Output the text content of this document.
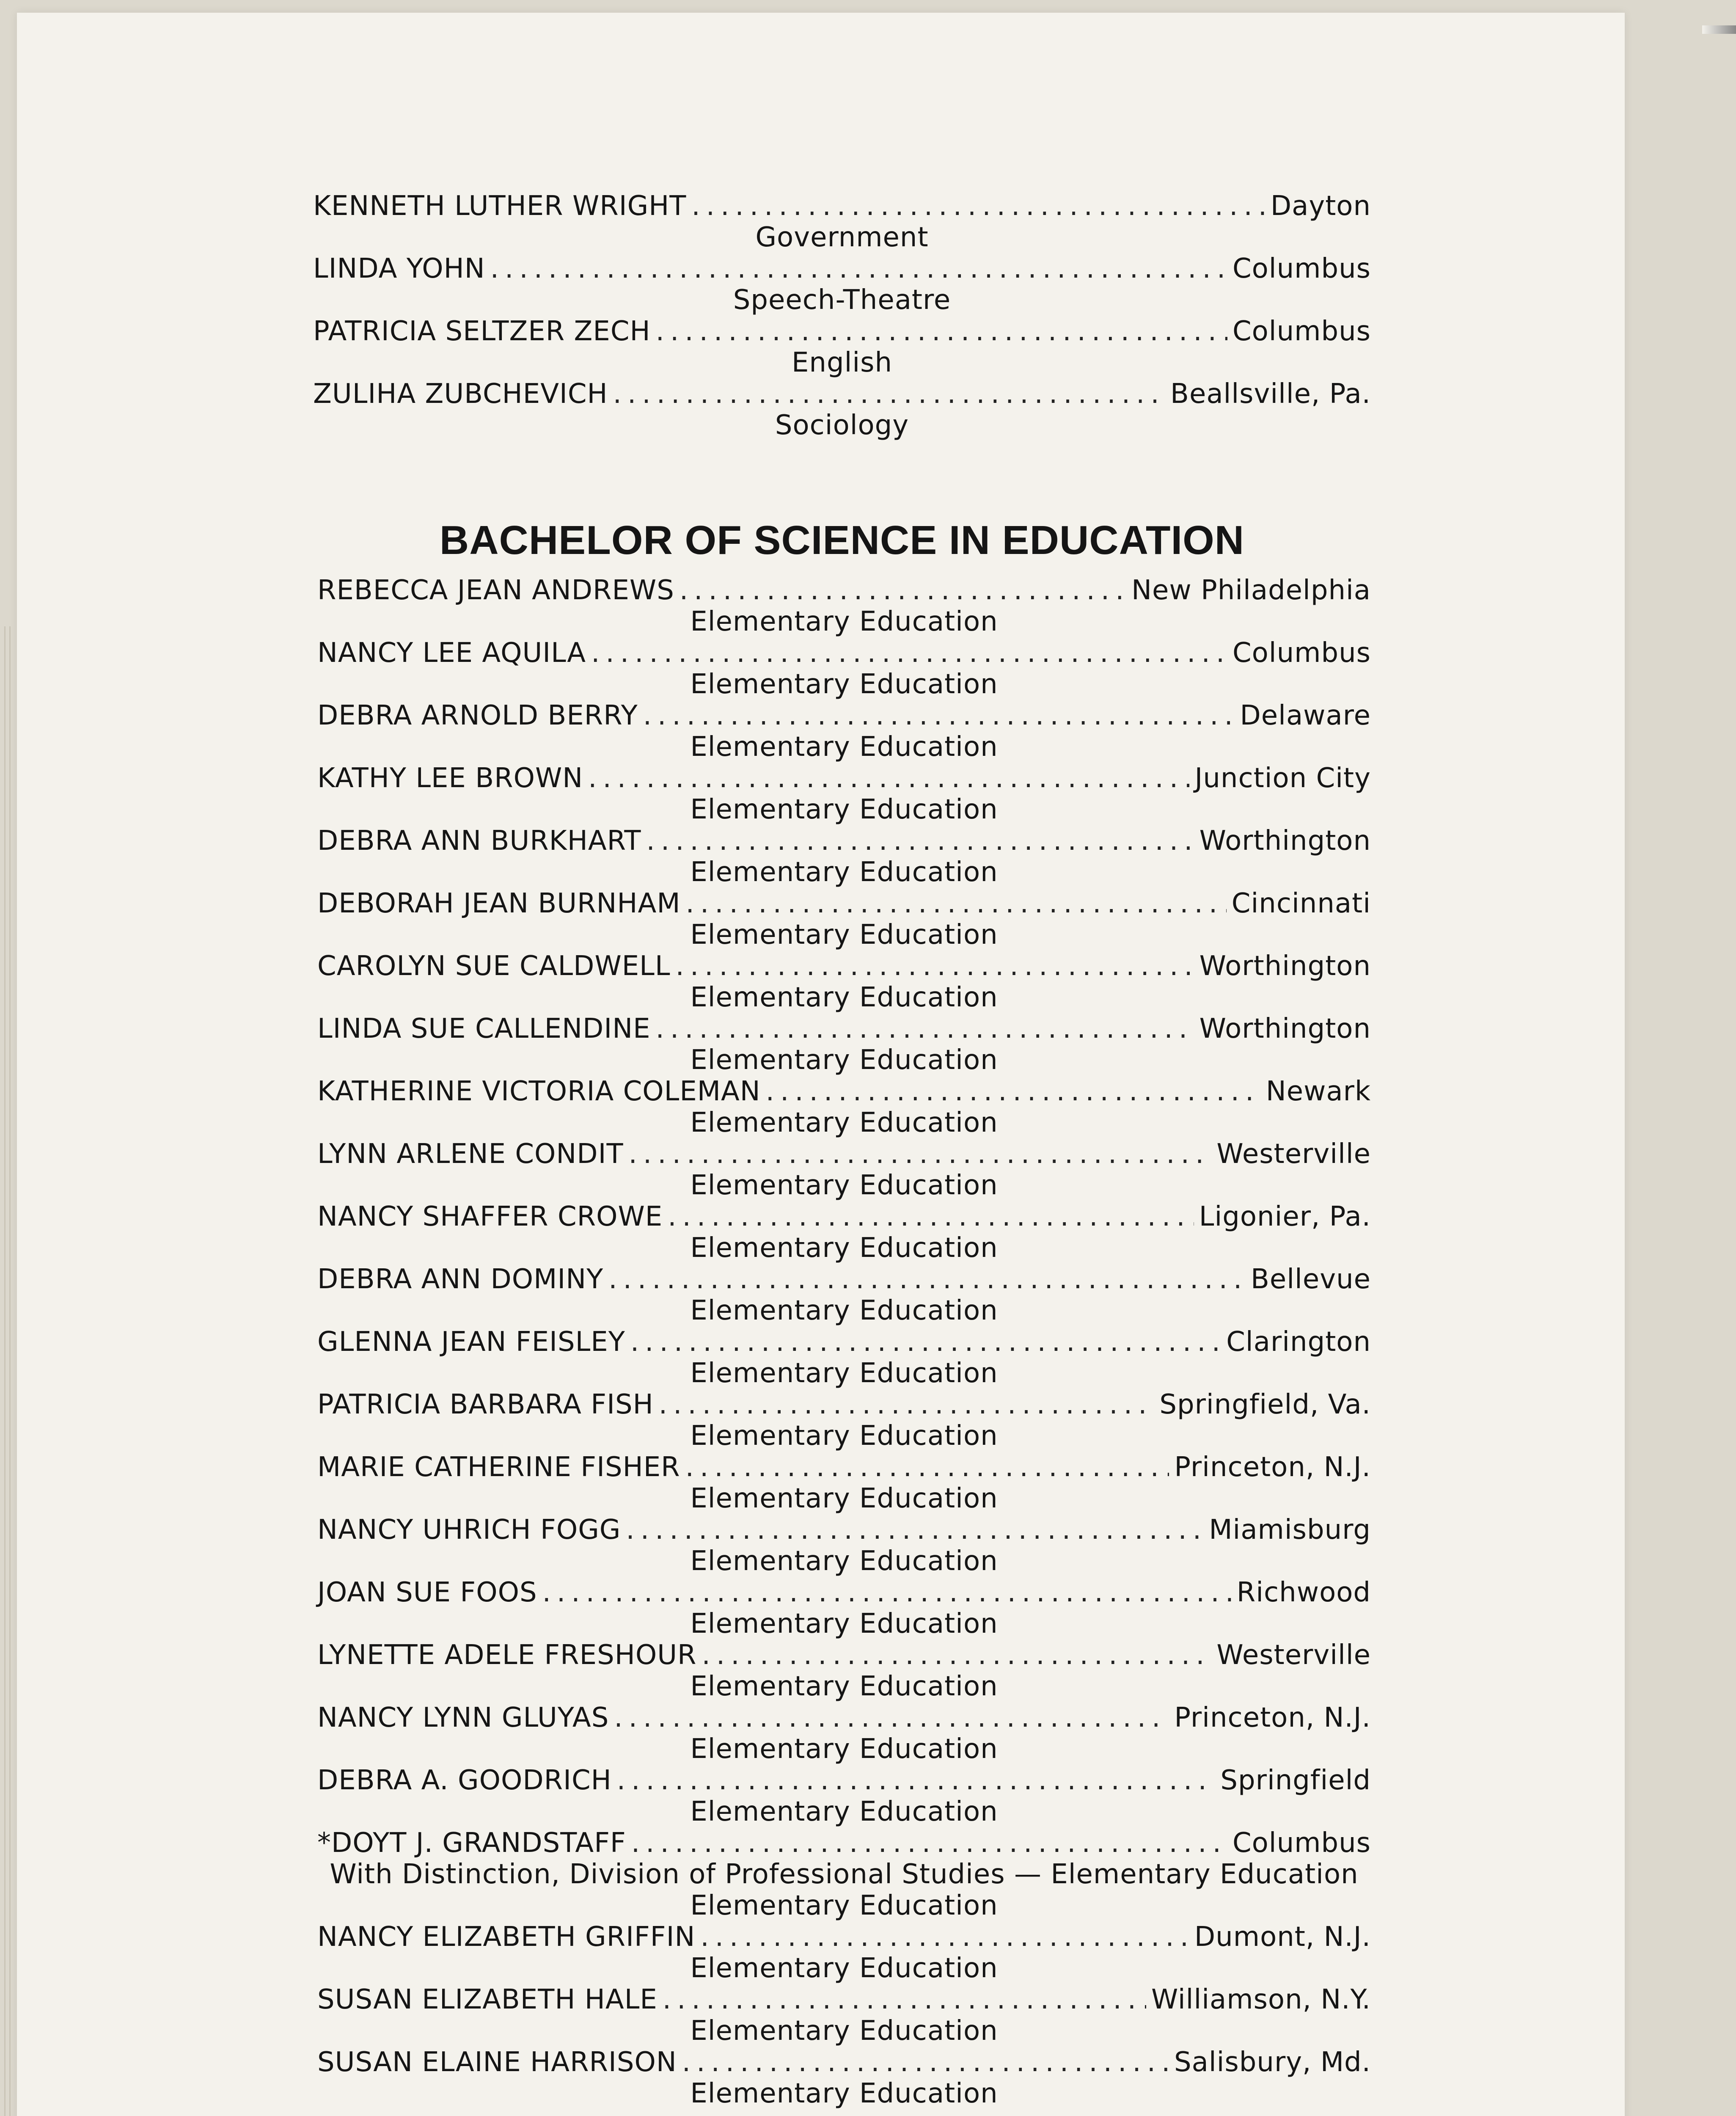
KENNETH LUTHER WRIGHT .....	Dayton
Government
LINDA YOHN .....	Columbus
Speech-Theatre
PATRICIA SELTZER ZECH .....	Columbus
English
ZULIHA ZUBCHEVICH .....	Beallsville, Pa.
Sociology
BACHELOR OF SCIENCE IN EDUCATION
REBECCA JEAN ANDREWS .....	New Philadelphia
Elementary Education
NANCY LEE AQUILA .....	Columbus
Elementary Education
DEBRA ARNOLD BERRY .....	Delaware
Elementary Education
KATHY LEE BROWN .....	Junction City
Elementary Education
DEBRA ANN BURKHART .....	Worthington
Elementary Education
DEBORAH JEAN BURNHAM .....	Cincinnati
Elementary Education
CAROLYN SUE CALDWELL .....	Worthington
Elementary Education
LINDA SUE CALLENDINE .....	Worthington
Elementary Education
KATHERINE VICTORIA COLEMAN .....	Newark
Elementary Education
LYNN ARLENE CONDIT .....	Westerville
Elementary Education
NANCY SHAFFER CROWE .....	Ligonier, Pa.
Elementary Education
DEBRA ANN DOMINY .....	Bellevue
Elementary Education
GLENNA JEAN FEISLEY .....	Clarington
Elementary Education
PATRICIA BARBARA FISH .....	Springfield, Va.
Elementary Education
MARIE CATHERINE FISHER .....	Princeton, N.J.
Elementary Education
NANCY UHRICH FOGG .....	Miamisburg
Elementary Education
JOAN SUE FOOS .....	Richwood
Elementary Education
LYNETTE ADELE FRESHOUR .....	Westerville
Elementary Education
NANCY LYNN GLUYAS .....	Princeton, N.J.
Elementary Education
DEBRA A. GOODRICH .....	Springfield
Elementary Education
*DOYT J. GRANDSTAFF .....	Columbus
With Distinction, Division of Professional Studies — Elementary Education
Elementary Education
NANCY ELIZABETH GRIFFIN .....	Dumont, N.J.
Elementary Education
SUSAN ELIZABETH HALE .....	Williamson, N.Y.
Elementary Education
SUSAN ELAINE HARRISON .....	Salisbury, Md.
Elementary Education
